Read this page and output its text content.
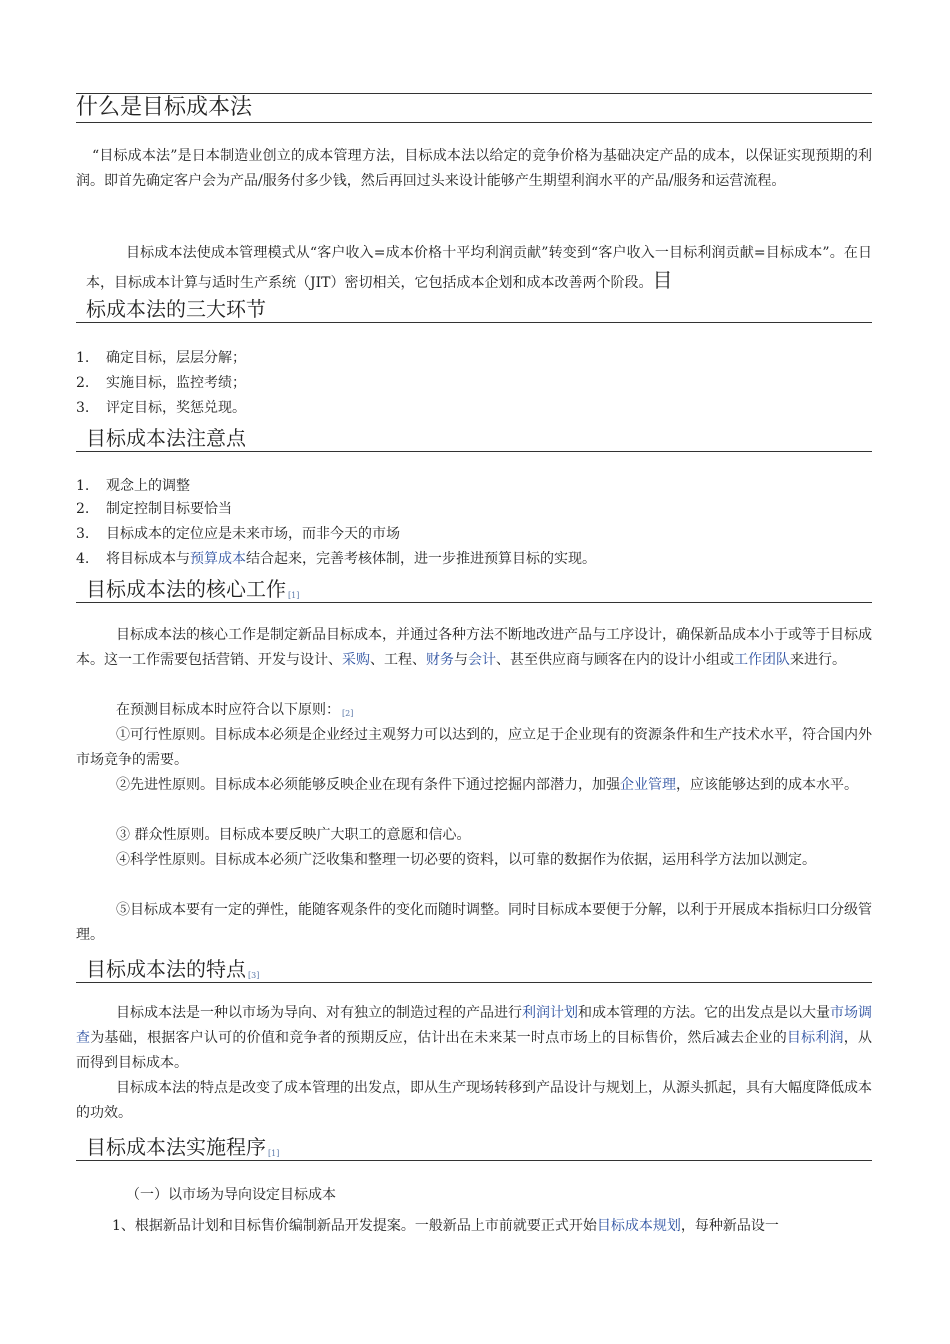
什么是目标成本法
“目标成本法”是日本制造业创立的成本管理方法，目标成本法以给定的竞争价格为基础决定产品的成本，以保证实现预期的利润。即首先确定客户会为产品/服务付多少钱，然后再回过头来设计能够产生期望利润水平的产品/服务和运营流程。
目标成本法使成本管理模式从“客户收入=成本价格十平均利润贡献”转变到“客户收入一目标利润贡献=目标成本”。在日本，目标成本计算与适时生产系统（JIT）密切相关，它包括成本企划和成本改善两个阶段。目
标成本法的三大环节
1. 确定目标，层层分解；
2. 实施目标，监控考绩；
3. 评定目标，奖惩兑现。
目标成本法注意点
1. 观念上的调整
2. 制定控制目标要恰当
3. 目标成本的定位应是未来市场，而非今天的市场
4. 将目标成本与预算成本结合起来，完善考核体制，进一步推进预算目标的实现。
目标成本法的核心工作 [1]
目标成本法的核心工作是制定新品目标成本，并通过各种方法不断地改进产品与工序设计，确保新品成本小于或等于目标成本。这一工作需要包括营销、开发与设计、采购、工程、财务与会计、甚至供应商与顾客在内的设计小组或工作团队来进行。
在预测目标成本时应符合以下原则： [2]
①可行性原则。目标成本必须是企业经过主观努力可以达到的，应立足于企业现有的资源条件和生产技术水平，符合国内外市场竞争的需要。
②先进性原则。目标成本必须能够反映企业在现有条件下通过挖掘内部潜力，加强企业管理，应该能够达到的成本水平。
③ 群众性原则。目标成本要反映广大职工的意愿和信心。
④科学性原则。目标成本必须广泛收集和整理一切必要的资料，以可靠的数据作为依据，运用科学方法加以测定。
⑤目标成本要有一定的弹性，能随客观条件的变化而随时调整。同时目标成本要便于分解，以利于开展成本指标归口分级管理。
目标成本法的特点 [3]
目标成本法是一种以市场为导向、对有独立的制造过程的产品进行利润计划和成本管理的方法。它的出发点是以大量市场调查为基础，根据客户认可的价值和竞争者的预期反应，估计出在未来某一时点市场上的目标售价，然后减去企业的目标利润，从而得到目标成本。
目标成本法的特点是改变了成本管理的出发点，即从生产现场转移到产品设计与规划上，从源头抓起，具有大幅度降低成本的功效。
目标成本法实施程序 [1]
（一）以市场为导向设定目标成本
1、根据新品计划和目标售价编制新品开发提案。一般新品上市前就要正式开始目标成本规划，每种新品设一
